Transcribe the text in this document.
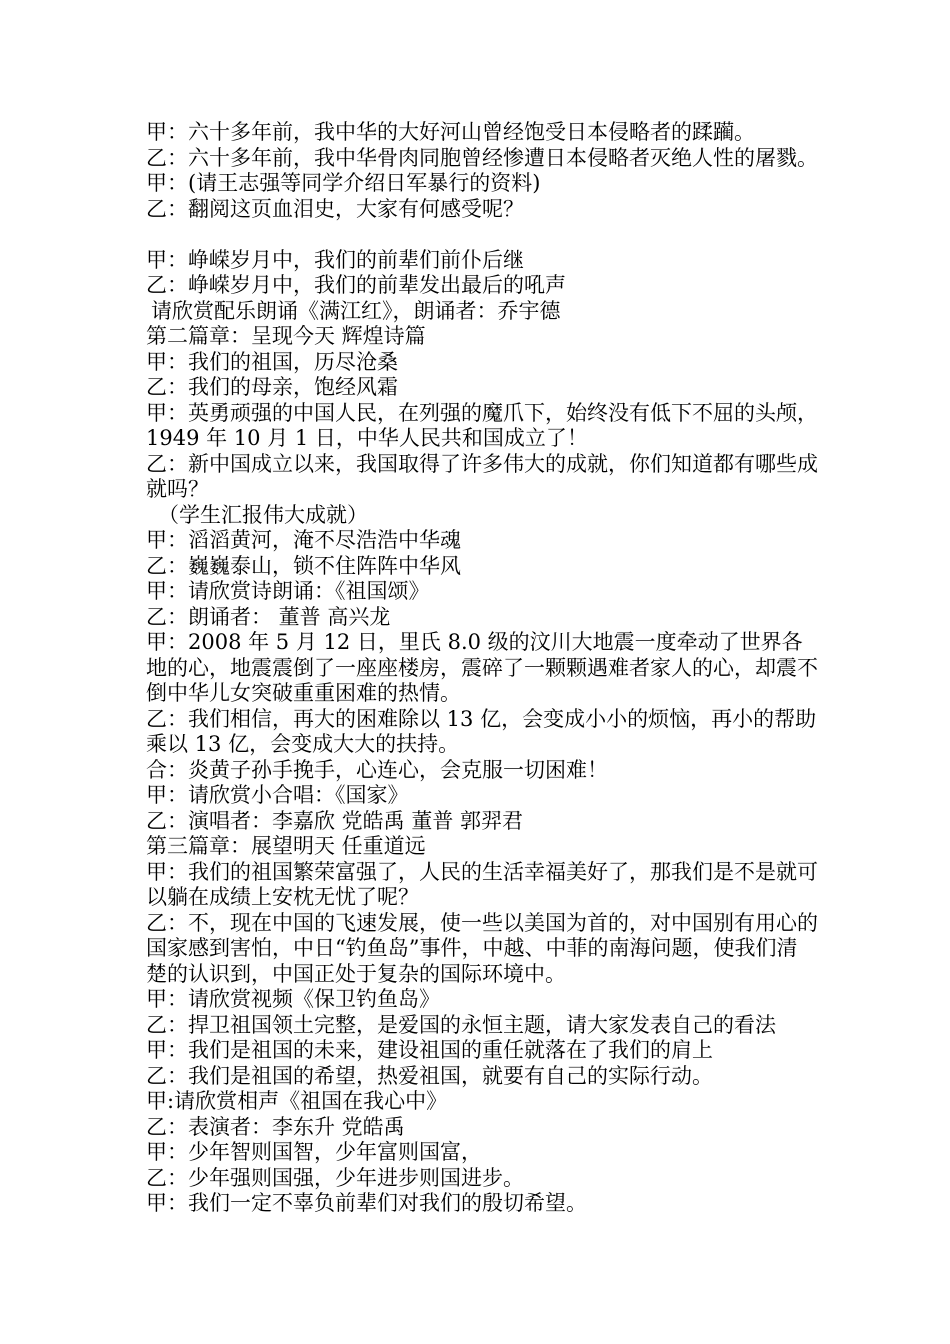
甲：六十多年前，我中华的大好河山曾经饱受日本侵略者的蹂躏。

乙：六十多年前，我中华骨肉同胞曾经惨遭日本侵略者灭绝人性的屠戮。

甲：(请王志强等同学介绍日军暴行的资料)

乙：翻阅这页血泪史，大家有何感受呢？

甲：峥嵘岁月中，我们的前辈们前仆后继

乙：峥嵘岁月中，我们的前辈发出最后的吼声

请欣赏配乐朗诵《满江红》，朗诵者：乔宇德

第二篇章：呈现今天 辉煌诗篇

甲：我们的祖国，历尽沧桑

乙：我们的母亲，饱经风霜

甲：英勇顽强的中国人民，在列强的魔爪下，始终没有低下不屈的头颅，1949 年 10 月 1 日，中华人民共和国成立了！

乙：新中国成立以来，我国取得了许多伟大的成就，你们知道都有哪些成就吗？

（学生汇报伟大成就）

甲：滔滔黄河，淹不尽浩浩中华魂

乙：巍巍泰山，锁不住阵阵中华风

甲：请欣赏诗朗诵：《祖国颂》

乙：朗诵者： 董普 高兴龙

甲：2008 年 5 月 12 日，里氏 8.0 级的汶川大地震一度牵动了世界各地的心，地震震倒了一座座楼房，震碎了一颗颗遇难者家人的心，却震不倒中华儿女突破重重困难的热情。

乙：我们相信，再大的困难除以 13 亿，会变成小小的烦恼，再小的帮助乘以 13 亿，会变成大大的扶持。

合：炎黄子孙手挽手，心连心，会克服一切困难！

甲：请欣赏小合唱：《国家》

乙：演唱者：李嘉欣 党皓禹 董普 郭羿君

第三篇章：展望明天 任重道远

甲：我们的祖国繁荣富强了，人民的生活幸福美好了，那我们是不是就可以躺在成绩上安枕无忧了呢？

乙：不，现在中国的飞速发展，使一些以美国为首的，对中国别有用心的国家感到害怕，中日“钓鱼岛”事件，中越、中菲的南海问题，使我们清楚的认识到，中国正处于复杂的国际环境中。

甲：请欣赏视频《保卫钓鱼岛》

乙：捍卫祖国领土完整，是爱国的永恒主题，请大家发表自己的看法

甲：我们是祖国的未来，建设祖国的重任就落在了我们的肩上

乙：我们是祖国的希望，热爱祖国，就要有自己的实际行动。

甲:请欣赏相声《祖国在我心中》

乙：表演者：李东升 党皓禹

甲：少年智则国智，少年富则国富，

乙：少年强则国强，少年进步则国进步。

甲：我们一定不辜负前辈们对我们的殷切希望。
